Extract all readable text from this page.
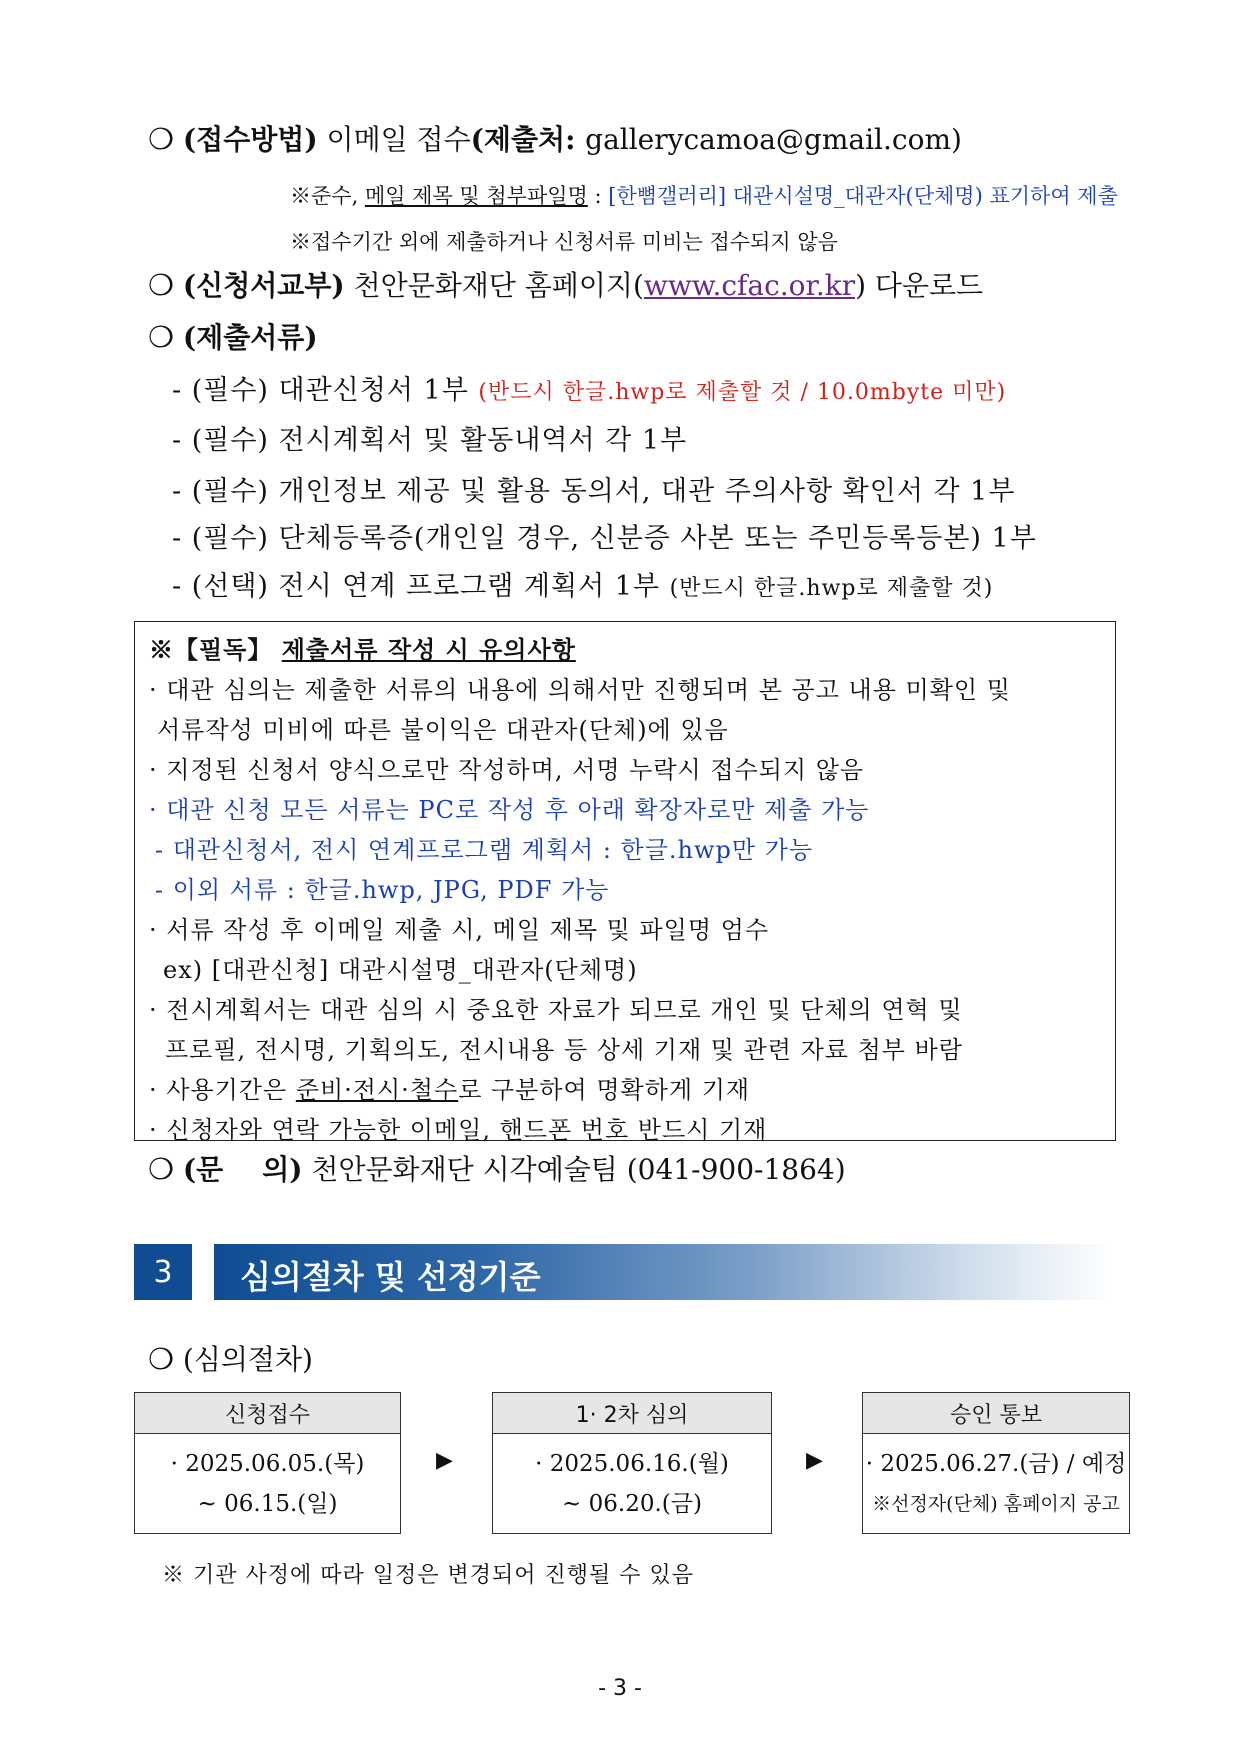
❍ (접수방법) 이메일 접수(제출처: gallerycamoa@gmail.com)
※준수, 메일 제목 및 첨부파일명 : [한뼘갤러리] 대관시설명_대관자(단체명) 표기하여 제출
※접수기간 외에 제출하거나 신청서류 미비는 접수되지 않음
❍ (신청서교부) 천안문화재단 홈페이지(www.cfac.or.kr) 다운로드
❍ (제출서류)
- (필수) 대관신청서 1부 (반드시 한글.hwp로 제출할 것 / 10.0mbyte 미만)
- (필수) 전시계획서 및 활동내역서 각 1부
- (필수) 개인정보 제공 및 활용 동의서, 대관 주의사항 확인서 각 1부
- (필수) 단체등록증(개인일 경우, 신분증 사본 또는 주민등록등본) 1부
- (선택) 전시 연계 프로그램 계획서 1부 (반드시 한글.hwp로 제출할 것)
※【필독】 제출서류 작성 시 유의사항
· 대관 심의는 제출한 서류의 내용에 의해서만 진행되며 본 공고 내용 미확인 및
서류작성 미비에 따른 불이익은 대관자(단체)에 있음
· 지정된 신청서 양식으로만 작성하며, 서명 누락시 접수되지 않음
· 대관 신청 모든 서류는 PC로 작성 후 아래 확장자로만 제출 가능
- 대관신청서, 전시 연계프로그램 계획서 : 한글.hwp만 가능
- 이외 서류 : 한글.hwp, JPG, PDF 가능
· 서류 작성 후 이메일 제출 시, 메일 제목 및 파일명 엄수
ex) [대관신청] 대관시설명_대관자(단체명)
· 전시계획서는 대관 심의 시 중요한 자료가 되므로 개인 및 단체의 연혁 및
프로필, 전시명, 기획의도, 전시내용 등 상세 기재 및 관련 자료 첨부 바람
· 사용기간은 준비·전시·철수로 구분하여 명확하게 기재
· 신청자와 연락 가능한 이메일, 핸드폰 번호 반드시 기재
❍ (문    의) 천안문화재단 시각예술팀 (041-900-1864)
3	심의절차 및 선정기준
❍ (심의절차)
신청접수
· 2025.06.05.(목)
~ 06.15.(일)
▶
1· 2차 심의
· 2025.06.16.(월)
~ 06.20.(금)
▶
승인 통보
· 2025.06.27.(금) / 예정
※선정자(단체) 홈페이지 공고
※ 기관 사정에 따라 일정은 변경되어 진행될 수 있음
- 3 -
